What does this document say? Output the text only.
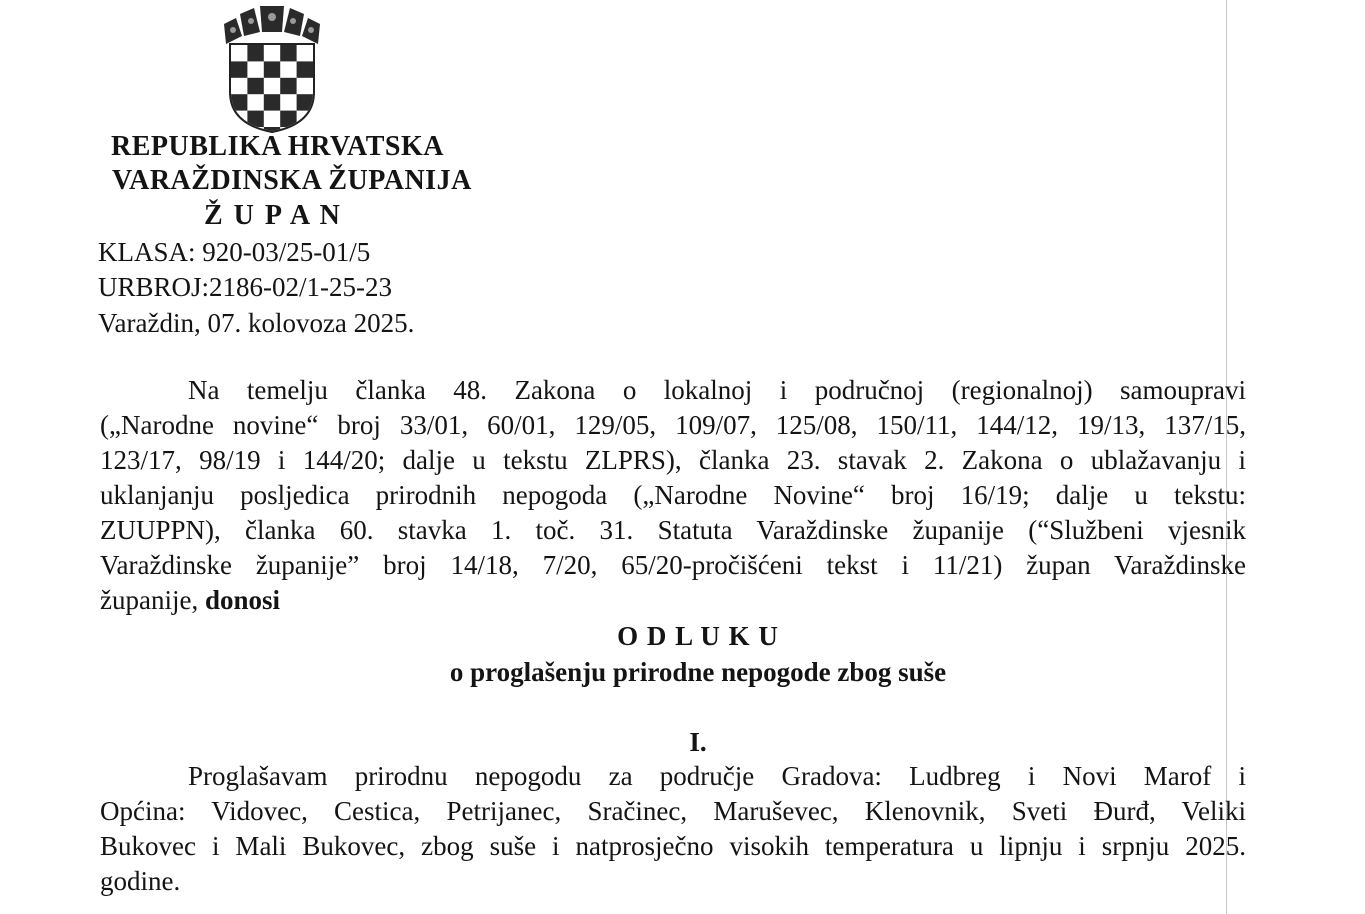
REPUBLIKA HRVATSKA
VARAŽDINSKA ŽUPANIJA
Ž U P A N
KLASA: 920-03/25-01/5
URBROJ:2186-02/1-25-23
Varaždin, 07. kolovoza 2025.
Na temelju članka 48. Zakona o lokalnoj i područnoj (regionalnoj) samoupravi
(„Narodne novine“ broj 33/01, 60/01, 129/05, 109/07, 125/08, 150/11, 144/12, 19/13, 137/15,
123/17, 98/19 i 144/20; dalje u tekstu ZLPRS), članka 23. stavak 2. Zakona o ublažavanju i
uklanjanju posljedica prirodnih nepogoda („Narodne Novine“ broj 16/19; dalje u tekstu:
ZUUPPN), članka 60. stavka 1. toč. 31. Statuta Varaždinske županije (“Službeni vjesnik
Varaždinske županije” broj 14/18, 7/20, 65/20-pročišćeni tekst i 11/21) župan Varaždinske
županije, donosi
O D L U K U
o proglašenju prirodne nepogode zbog suše
I.
Proglašavam prirodnu nepogodu za područje Gradova: Ludbreg i Novi Marof i
Općina: Vidovec, Cestica, Petrijanec, Sračinec, Maruševec, Klenovnik, Sveti Đurđ, Veliki
Bukovec i Mali Bukovec, zbog suše i natprosječno visokih temperatura u lipnju i srpnju 2025.
godine.
